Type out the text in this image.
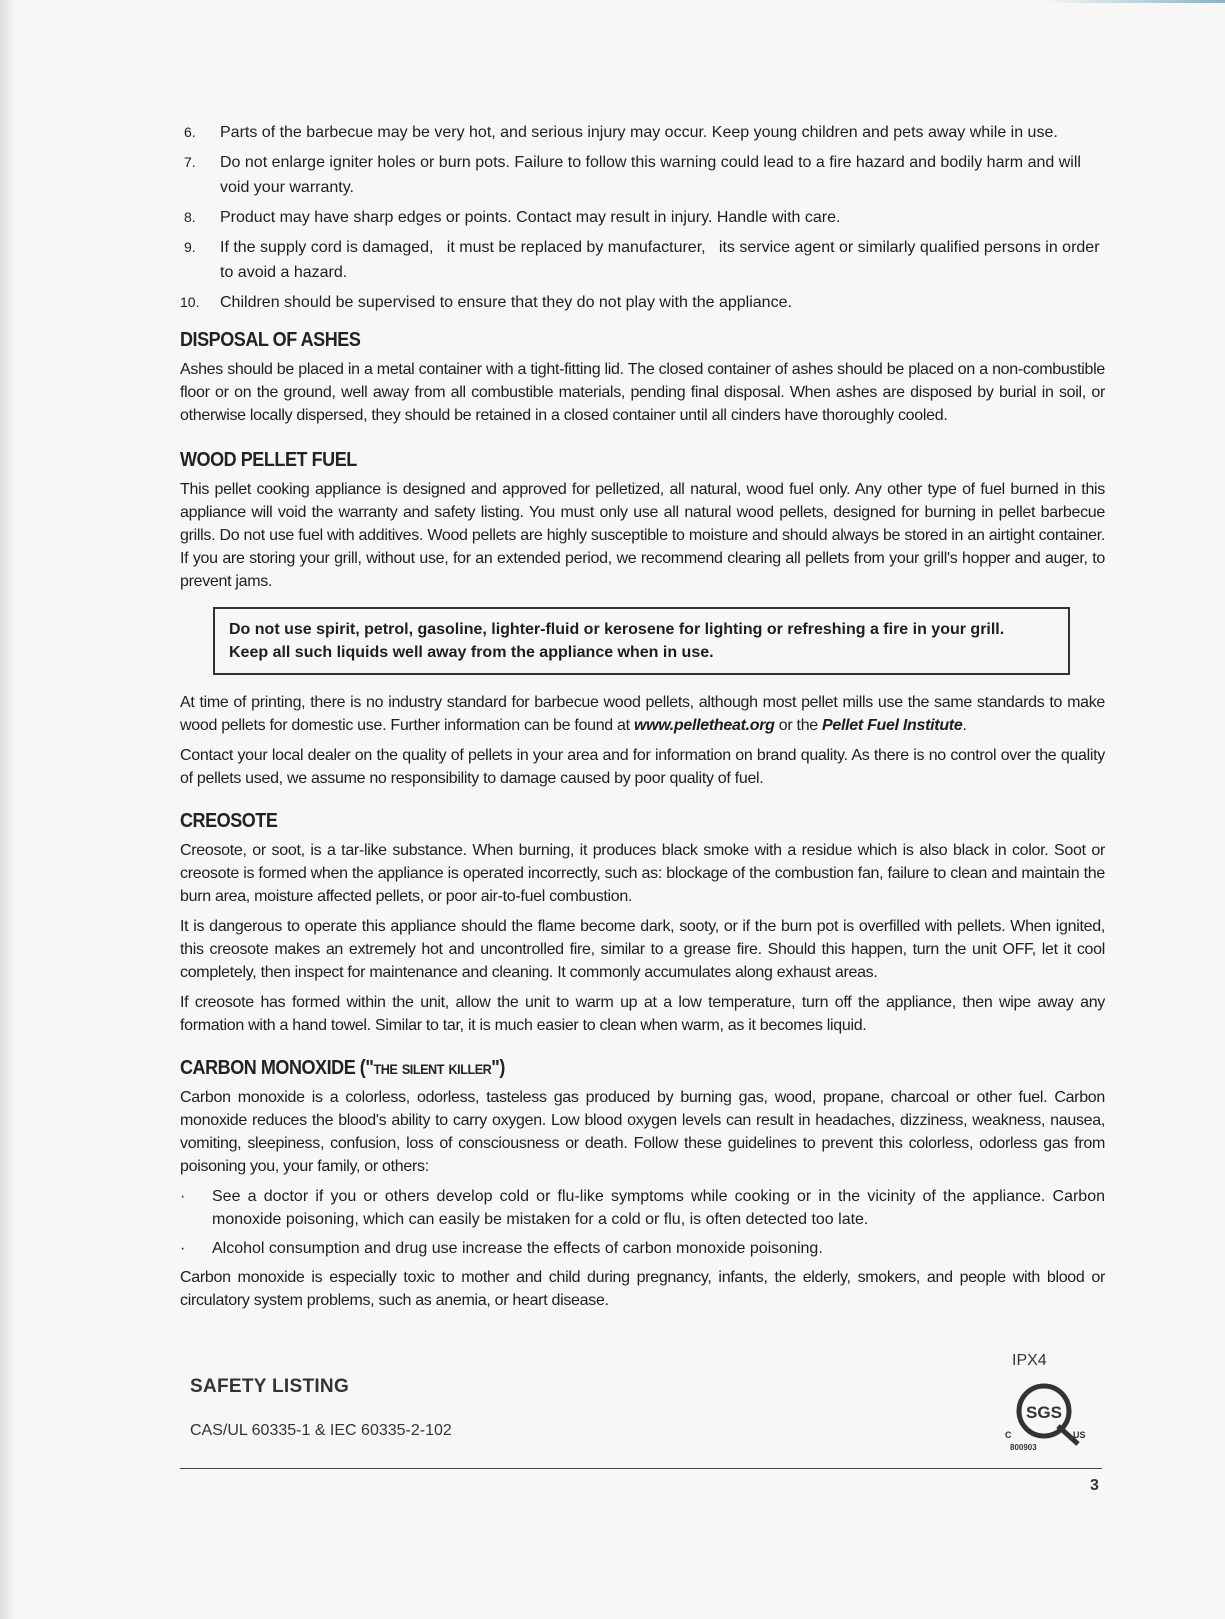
6.	Parts of the barbecue may be very hot, and serious injury may occur. Keep young children and pets away while in use.
7.	Do not enlarge igniter holes or burn pots. Failure to follow this warning could lead to a fire hazard and bodily harm and will void your warranty.
8.	Product may have sharp edges or points. Contact may result in injury. Handle with care.
9.	If the supply cord is damaged,   it must be replaced by manufacturer,   its service agent or similarly qualified persons in order to avoid a hazard.
10.	Children should be supervised to ensure that they do not play with the appliance.
DISPOSAL OF ASHES

Ashes should be placed in a metal container with a tight-fitting lid. The closed container of ashes should be placed on a non-combustible floor or on the ground, well away from all combustible materials, pending final disposal. When ashes are disposed by burial in soil, or otherwise locally dispersed, they should be retained in a closed container until all cinders have thoroughly cooled.

WOOD PELLET FUEL

This pellet cooking appliance is designed and approved for pelletized, all natural, wood fuel only. Any other type of fuel burned in this appliance will void the warranty and safety listing. You must only use all natural wood pellets, designed for burning in pellet barbecue grills. Do not use fuel with additives. Wood pellets are highly susceptible to moisture and should always be stored in an airtight container. If you are storing your grill, without use, for an extended period, we recommend clearing all pellets from your grill's hopper and auger, to prevent jams.

Do not use spirit, petrol, gasoline, lighter-fluid or kerosene for lighting or refreshing a fire in your grill.
Keep all such liquids well away from the appliance when in use.

At time of printing, there is no industry standard for barbecue wood pellets, although most pellet mills use the same standards to make wood pellets for domestic use. Further information can be found at www.pelletheat.org or the Pellet Fuel Institute.

Contact your local dealer on the quality of pellets in your area and for information on brand quality. As there is no control over the quality of pellets used, we assume no responsibility to damage caused by poor quality of fuel.

CREOSOTE

Creosote, or soot, is a tar-like substance. When burning, it produces black smoke with a residue which is also black in color. Soot or creosote is formed when the appliance is operated incorrectly, such as: blockage of the combustion fan, failure to clean and maintain the burn area, moisture affected pellets, or poor air-to-fuel combustion.

It is dangerous to operate this appliance should the flame become dark, sooty, or if the burn pot is overfilled with pellets. When ignited, this creosote makes an extremely hot and uncontrolled fire, similar to a grease fire. Should this happen, turn the unit OFF, let it cool completely, then inspect for maintenance and cleaning. It commonly accumulates along exhaust areas.

If creosote has formed within the unit, allow the unit to warm up at a low temperature, turn off the appliance, then wipe away any formation with a hand towel. Similar to tar, it is much easier to clean when warm, as it becomes liquid.

CARBON MONOXIDE ("the silent killer")

Carbon monoxide is a colorless, odorless, tasteless gas produced by burning gas, wood, propane, charcoal or other fuel. Carbon monoxide reduces the blood's ability to carry oxygen. Low blood oxygen levels can result in headaches, dizziness, weakness, nausea, vomiting, sleepiness, confusion, loss of consciousness or death. Follow these guidelines to prevent this colorless, odorless gas from poisoning you, your family, or others:

·	See a doctor if you or others develop cold or flu-like symptoms while cooking or in the vicinity of the appliance. Carbon monoxide poisoning, which can easily be mistaken for a cold or flu, is often detected too late.
·	Alcohol consumption and drug use increase the effects of carbon monoxide poisoning.

Carbon monoxide is especially toxic to mother and child during pregnancy, infants, the elderly, smokers, and people with blood or circulatory system problems, such as anemia, or heart disease.

SAFETY LISTING
CAS/UL 60335-1 & IEC 60335-2-102
IPX4
SGS
C	US
800903
3
